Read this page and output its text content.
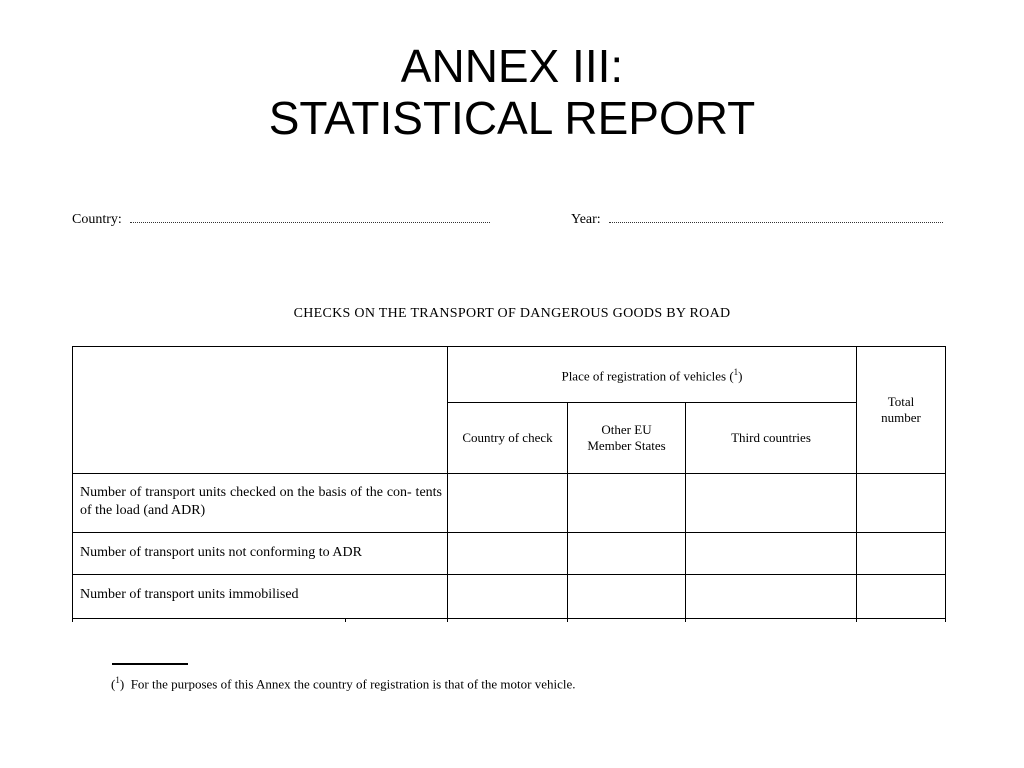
ANNEX III:
STATISTICAL REPORT
Country:	Year:
CHECKS ON THE TRANSPORT OF DANGEROUS GOODS BY ROAD
Place of registration of vehicles ($^1$)
Country of check
Other EU Member States
Third countries
Total number
Number of transport units checked on the basis of the con- tents of the load (and ADR)
Number of transport units not conforming to ADR
Number of transport units immobilised
($^1$)  For the purposes of this Annex the country of registration is that of the motor vehicle.
